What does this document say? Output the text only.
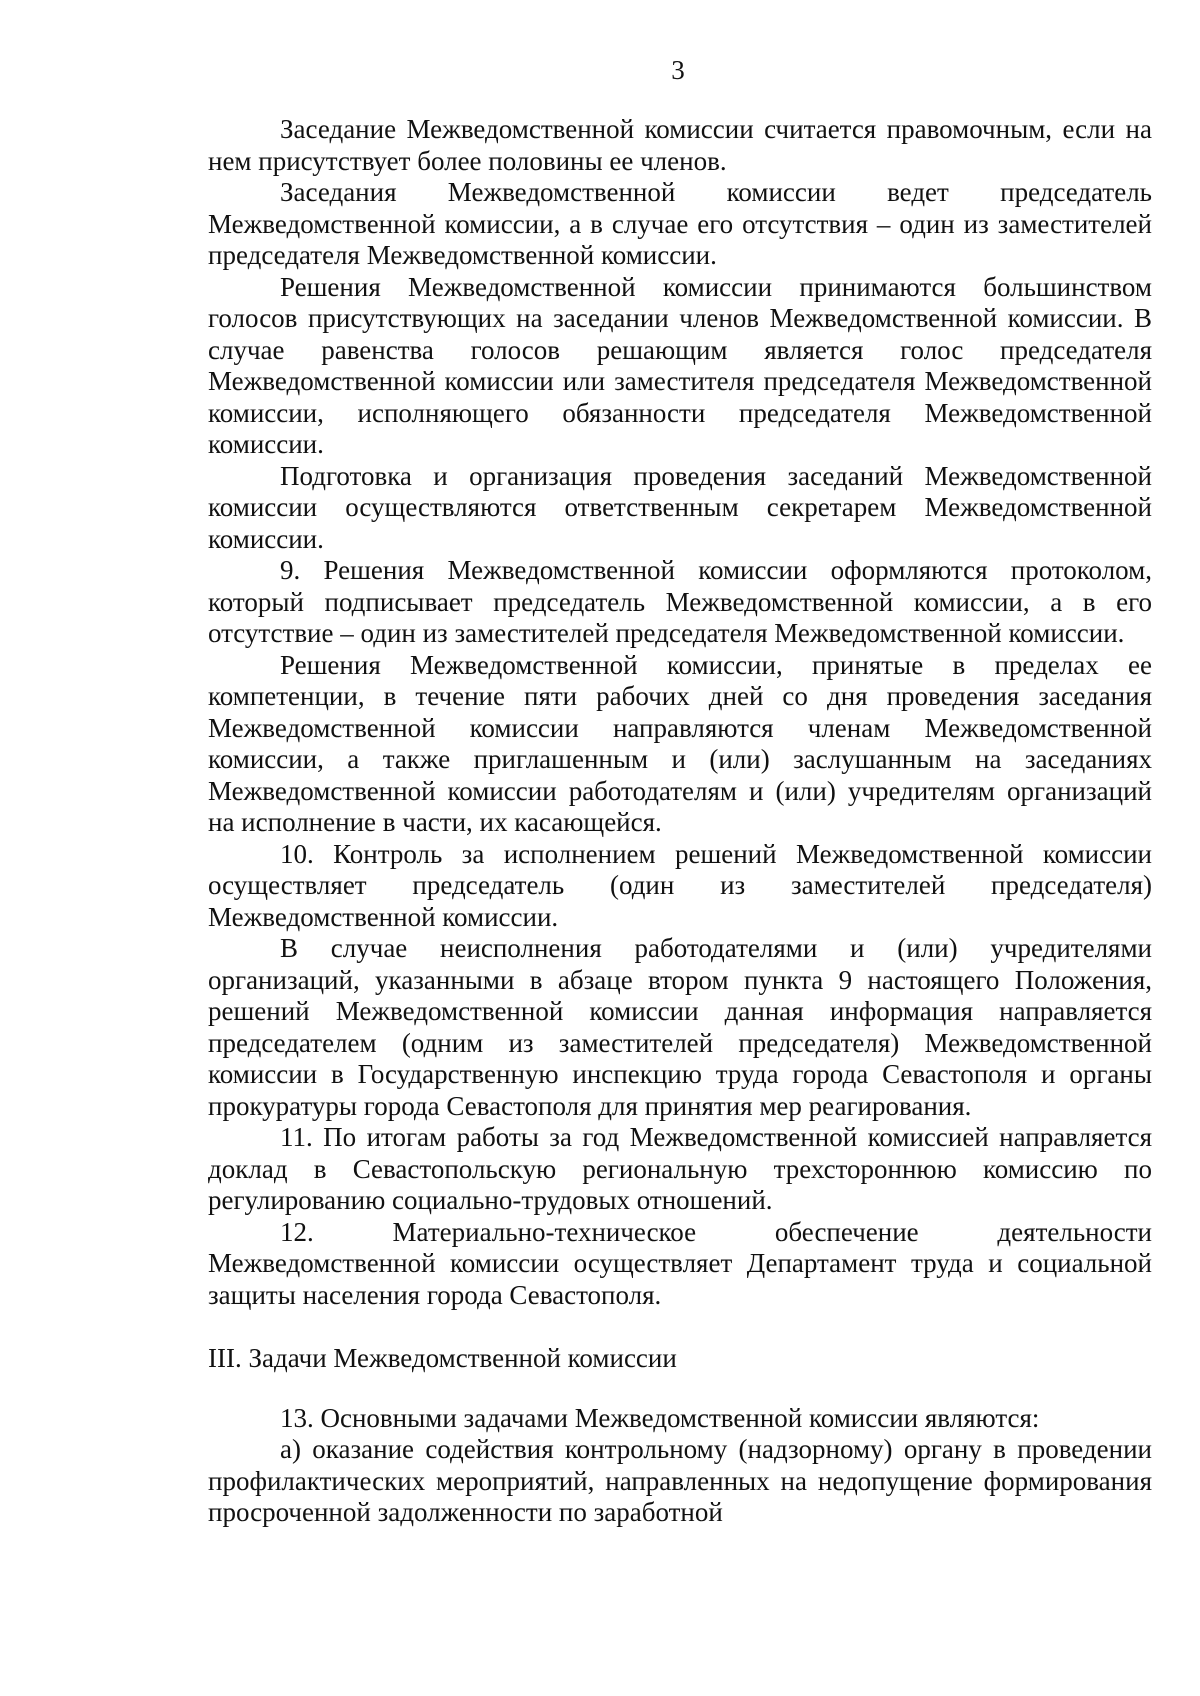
3

Заседание Межведомственной комиссии считается правомочным, если на нем присутствует более половины ее членов.

Заседания Межведомственной комиссии ведет председатель Межведомственной комиссии, а в случае его отсутствия – один из заместителей председателя Межведомственной комиссии.

Решения Межведомственной комиссии принимаются большинством голосов присутствующих на заседании членов Межведомственной комиссии. В случае равенства голосов решающим является голос председателя Межведомственной комиссии или заместителя председателя Межведомственной комиссии, исполняющего обязанности председателя Межведомственной комиссии.

Подготовка и организация проведения заседаний Межведомственной комиссии осуществляются ответственным секретарем Межведомственной комиссии.

9. Решения Межведомственной комиссии оформляются протоколом, который подписывает председатель Межведомственной комиссии, а в его отсутствие – один из заместителей председателя Межведомственной комиссии.

Решения Межведомственной комиссии, принятые в пределах ее компетенции, в течение пяти рабочих дней со дня проведения заседания Межведомственной комиссии направляются членам Межведомственной комиссии, а также приглашенным и (или) заслушанным на заседаниях Межведомственной комиссии работодателям и (или) учредителям организаций на исполнение в части, их касающейся.

10. Контроль за исполнением решений Межведомственной комиссии осуществляет председатель (один из заместителей председателя) Межведомственной комиссии.

В случае неисполнения работодателями и (или) учредителями организаций, указанными в абзаце втором пункта 9 настоящего Положения, решений Межведомственной комиссии данная информация направляется председателем (одним из заместителей председателя) Межведомственной комиссии в Государственную инспекцию труда города Севастополя и органы прокуратуры города Севастополя для принятия мер реагирования.

11. По итогам работы за год Межведомственной комиссией направляется доклад в Севастопольскую региональную трехстороннюю комиссию по регулированию социально-трудовых отношений.

12. Материально-техническое обеспечение деятельности Межведомственной комиссии осуществляет Департамент труда и социальной защиты населения города Севастополя.

III. Задачи Межведомственной комиссии

13. Основными задачами Межведомственной комиссии являются:

а) оказание содействия контрольному (надзорному) органу в проведении профилактических мероприятий, направленных на недопущение формирования просроченной задолженности по заработной
